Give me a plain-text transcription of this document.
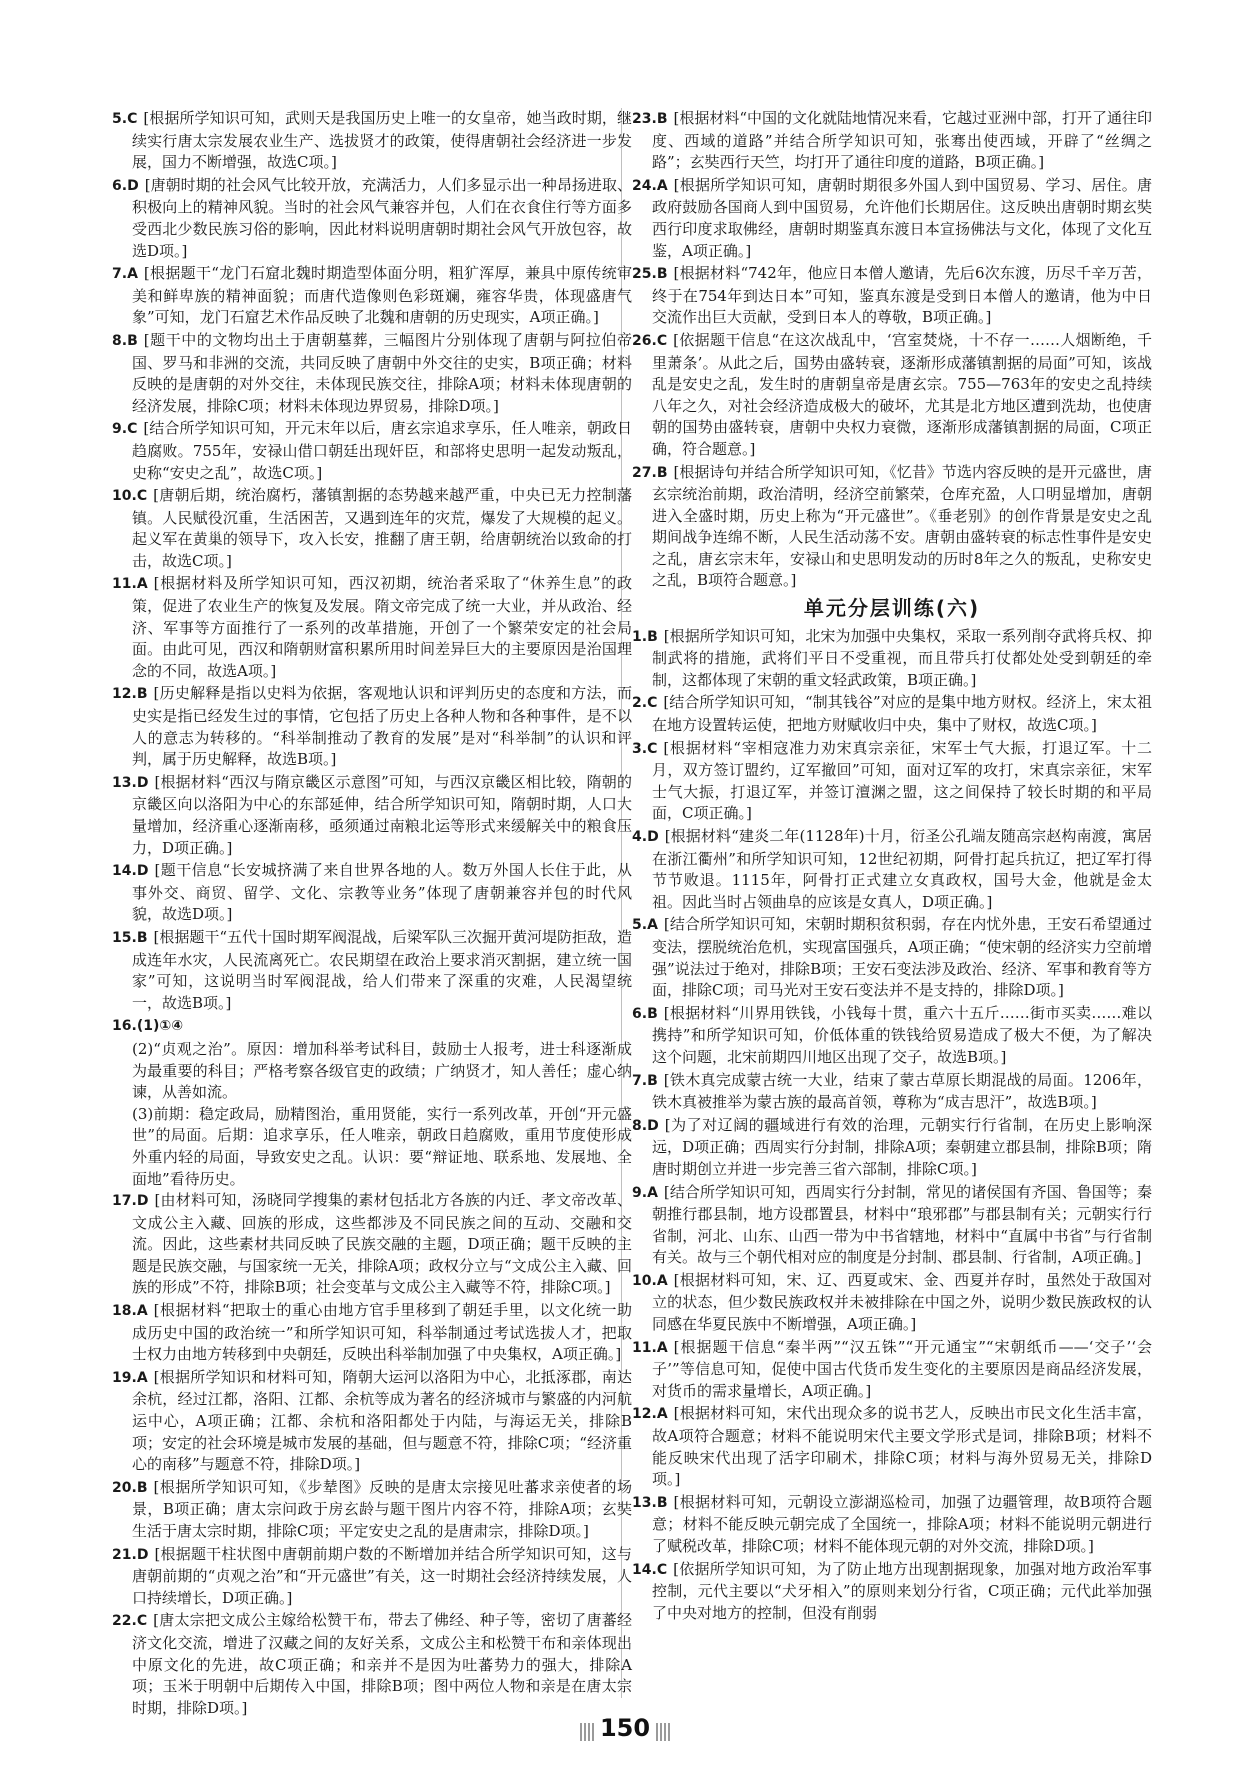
5.C [根据所学知识可知，武则天是我国历史上唯一的女皇帝，她当政时期，继续实行唐太宗发展农业生产、选拔贤才的政策，使得唐朝社会经济进一步发展，国力不断增强，故选C项。]
6.D [唐朝时期的社会风气比较开放，充满活力，人们多显示出一种昂扬进取、积极向上的精神风貌。当时的社会风气兼容并包，人们在衣食住行等方面多受西北少数民族习俗的影响，因此材料说明唐朝时期社会风气开放包容，故选D项。]
7.A [根据题干“龙门石窟北魏时期造型体面分明，粗犷浑厚，兼具中原传统审美和鲜卑族的精神面貌；而唐代造像则色彩斑斓，雍容华贵，体现盛唐气象”可知，龙门石窟艺术作品反映了北魏和唐朝的历史现实，A项正确。]
8.B [题干中的文物均出土于唐朝墓葬，三幅图片分别体现了唐朝与阿拉伯帝国、罗马和非洲的交流，共同反映了唐朝中外交往的史实，B项正确；材料反映的是唐朝的对外交往，未体现民族交往，排除A项；材料未体现唐朝的经济发展，排除C项；材料未体现边界贸易，排除D项。]
9.C [结合所学知识可知，开元末年以后，唐玄宗追求享乐，任人唯亲，朝政日趋腐败。755年，安禄山借口朝廷出现奸臣，和部将史思明一起发动叛乱，史称“安史之乱”，故选C项。]
10.C [唐朝后期，统治腐朽，藩镇割据的态势越来越严重，中央已无力控制藩镇。人民赋役沉重，生活困苦，又遇到连年的灾荒，爆发了大规模的起义。起义军在黄巢的领导下，攻入长安，推翻了唐王朝，给唐朝统治以致命的打击，故选C项。]
11.A [根据材料及所学知识可知，西汉初期，统治者采取了“休养生息”的政策，促进了农业生产的恢复及发展。隋文帝完成了统一大业，并从政治、经济、军事等方面推行了一系列的改革措施，开创了一个繁荣安定的社会局面。由此可见，西汉和隋朝财富积累所用时间差异巨大的主要原因是治国理念的不同，故选A项。]
12.B [历史解释是指以史料为依据，客观地认识和评判历史的态度和方法，而史实是指已经发生过的事情，它包括了历史上各种人物和各种事件，是不以人的意志为转移的。“科举制推动了教育的发展”是对“科举制”的认识和评判，属于历史解释，故选B项。]
13.D [根据材料“西汉与隋京畿区示意图”可知，与西汉京畿区相比较，隋朝的京畿区向以洛阳为中心的东部延伸，结合所学知识可知，隋朝时期，人口大量增加，经济重心逐渐南移，亟须通过南粮北运等形式来缓解关中的粮食压力，D项正确。]
14.D [题干信息“长安城挤满了来自世界各地的人。数万外国人长住于此，从事外交、商贸、留学、文化、宗教等业务”体现了唐朝兼容并包的时代风貌，故选D项。]
15.B [根据题干“五代十国时期军阀混战，后梁军队三次掘开黄河堤防拒敌，造成连年水灾，人民流离死亡。农民期望在政治上要求消灭割据，建立统一国家”可知，这说明当时军阀混战，给人们带来了深重的灾难，人民渴望统一，故选B项。]
16.(1)①④
(2)“贞观之治”。原因：增加科举考试科目，鼓励士人报考，进士科逐渐成为最重要的科目；严格考察各级官吏的政绩；广纳贤才，知人善任；虚心纳谏，从善如流。
(3)前期：稳定政局，励精图治，重用贤能，实行一系列改革，开创“开元盛世”的局面。后期：追求享乐，任人唯亲，朝政日趋腐败，重用节度使形成外重内轻的局面，导致安史之乱。认识：要“辩证地、联系地、发展地、全面地”看待历史。
17.D [由材料可知，汤晓同学搜集的素材包括北方各族的内迁、孝文帝改革、文成公主入藏、回族的形成，这些都涉及不同民族之间的互动、交融和交流。因此，这些素材共同反映了民族交融的主题，D项正确；题干反映的主题是民族交融，与国家统一无关，排除A项；政权分立与“文成公主入藏、回族的形成”不符，排除B项；社会变革与文成公主入藏等不符，排除C项。]
18.A [根据材料“把取士的重心由地方官手里移到了朝廷手里，以文化统一助成历史中国的政治统一”和所学知识可知，科举制通过考试选拔人才，把取士权力由地方转移到中央朝廷，反映出科举制加强了中央集权，A项正确。]
19.A [根据所学知识和材料可知，隋朝大运河以洛阳为中心，北抵涿郡，南达余杭，经过江都，洛阳、江都、余杭等成为著名的经济城市与繁盛的内河航运中心，A项正确；江都、余杭和洛阳都处于内陆，与海运无关，排除B项；安定的社会环境是城市发展的基础，但与题意不符，排除C项；“经济重心的南移”与题意不符，排除D项。]
20.B [根据所学知识可知，《步辇图》反映的是唐太宗接见吐蕃求亲使者的场景，B项正确；唐太宗问政于房玄龄与题干图片内容不符，排除A项；玄奘生活于唐太宗时期，排除C项；平定安史之乱的是唐肃宗，排除D项。]
21.D [根据题干柱状图中唐朝前期户数的不断增加并结合所学知识可知，这与唐朝前期的“贞观之治”和“开元盛世”有关，这一时期社会经济持续发展，人口持续增长，D项正确。]
22.C [唐太宗把文成公主嫁给松赞干布，带去了佛经、种子等，密切了唐蕃经济文化交流，增进了汉藏之间的友好关系，文成公主和松赞干布和亲体现出中原文化的先进，故C项正确；和亲并不是因为吐蕃势力的强大，排除A项；玉米于明朝中后期传入中国，排除B项；图中两位人物和亲是在唐太宗时期，排除D项。]
23.B [根据材料“中国的文化就陆地情况来看，它越过亚洲中部，打开了通往印度、西域的道路”并结合所学知识可知，张骞出使西域，开辟了“丝绸之路”；玄奘西行天竺，均打开了通往印度的道路，B项正确。]
24.A [根据所学知识可知，唐朝时期很多外国人到中国贸易、学习、居住。唐政府鼓励各国商人到中国贸易，允许他们长期居住。这反映出唐朝时期玄奘西行印度求取佛经，唐朝时期鉴真东渡日本宣扬佛法与文化，体现了文化互鉴，A项正确。]
25.B [根据材料“742年，他应日本僧人邀请，先后6次东渡，历尽千辛万苦，终于在754年到达日本”可知，鉴真东渡是受到日本僧人的邀请，他为中日交流作出巨大贡献，受到日本人的尊敬，B项正确。]
26.C [依据题干信息“在这次战乱中，‘宫室焚烧，十不存一……人烟断绝，千里萧条’。从此之后，国势由盛转衰，逐渐形成藩镇割据的局面”可知，该战乱是安史之乱，发生时的唐朝皇帝是唐玄宗。755—763年的安史之乱持续八年之久，对社会经济造成极大的破坏，尤其是北方地区遭到洗劫，也使唐朝的国势由盛转衰，唐朝中央权力衰微，逐渐形成藩镇割据的局面，C项正确，符合题意。]
27.B [根据诗句并结合所学知识可知，《忆昔》节选内容反映的是开元盛世，唐玄宗统治前期，政治清明，经济空前繁荣，仓库充盈，人口明显增加，唐朝进入全盛时期，历史上称为“开元盛世”。《垂老别》的创作背景是安史之乱期间战争连绵不断，人民生活动荡不安。唐朝由盛转衰的标志性事件是安史之乱，唐玄宗末年，安禄山和史思明发动的历时8年之久的叛乱，史称安史之乱，B项符合题意。]
单元分层训练(六)
1.B [根据所学知识可知，北宋为加强中央集权，采取一系列削夺武将兵权、抑制武将的措施，武将们平日不受重视，而且带兵打仗都处处受到朝廷的牵制，这都体现了宋朝的重文轻武政策，B项正确。]
2.C [结合所学知识可知，“制其钱谷”对应的是集中地方财权。经济上，宋太祖在地方设置转运使，把地方财赋收归中央，集中了财权，故选C项。]
3.C [根据材料“宰相寇准力劝宋真宗亲征，宋军士气大振，打退辽军。十二月，双方签订盟约，辽军撤回”可知，面对辽军的攻打，宋真宗亲征，宋军士气大振，打退辽军，并签订澶渊之盟，这之间保持了较长时期的和平局面，C项正确。]
4.D [根据材料“建炎二年(1128年)十月，衍圣公孔端友随高宗赵构南渡，寓居在浙江衢州”和所学知识可知，12世纪初期，阿骨打起兵抗辽，把辽军打得节节败退。1115年，阿骨打正式建立女真政权，国号大金，他就是金太祖。因此当时占领曲阜的应该是女真人，D项正确。]
5.A [结合所学知识可知，宋朝时期积贫积弱，存在内忧外患，王安石希望通过变法，摆脱统治危机，实现富国强兵，A项正确；“使宋朝的经济实力空前增强”说法过于绝对，排除B项；王安石变法涉及政治、经济、军事和教育等方面，排除C项；司马光对王安石变法并不是支持的，排除D项。]
6.B [根据材料“川界用铁钱，小钱每十贯，重六十五斤……街市买卖……难以携持”和所学知识可知，价低体重的铁钱给贸易造成了极大不便，为了解决这个问题，北宋前期四川地区出现了交子，故选B项。]
7.B [铁木真完成蒙古统一大业，结束了蒙古草原长期混战的局面。1206年，铁木真被推举为蒙古族的最高首领，尊称为“成吉思汗”，故选B项。]
8.D [为了对辽阔的疆域进行有效的治理，元朝实行行省制，在历史上影响深远，D项正确；西周实行分封制，排除A项；秦朝建立郡县制，排除B项；隋唐时期创立并进一步完善三省六部制，排除C项。]
9.A [结合所学知识可知，西周实行分封制，常见的诸侯国有齐国、鲁国等；秦朝推行郡县制，地方设郡置县，材料中“琅邪郡”与郡县制有关；元朝实行行省制，河北、山东、山西一带为中书省辖地，材料中“直属中书省”与行省制有关。故与三个朝代相对应的制度是分封制、郡县制、行省制，A项正确。]
10.A [根据材料可知，宋、辽、西夏或宋、金、西夏并存时，虽然处于敌国对立的状态，但少数民族政权并未被排除在中国之外，说明少数民族政权的认同感在华夏民族中不断增强，A项正确。]
11.A [根据题干信息“秦半两”“汉五铢”“开元通宝”“宋朝纸币——‘交子’‘会子’”等信息可知，促使中国古代货币发生变化的主要原因是商品经济发展，对货币的需求量增长，A项正确。]
12.A [根据材料可知，宋代出现众多的说书艺人，反映出市民文化生活丰富，故A项符合题意；材料不能说明宋代主要文学形式是词，排除B项；材料不能反映宋代出现了活字印刷术，排除C项；材料与海外贸易无关，排除D项。]
13.B [根据材料可知，元朝设立澎湖巡检司，加强了边疆管理，故B项符合题意；材料不能反映元朝完成了全国统一，排除A项；材料不能说明元朝进行了赋税改革，排除C项；材料不能体现元朝的对外交流，排除D项。]
14.C [依据所学知识可知，为了防止地方出现割据现象，加强对地方政治军事控制，元代主要以“犬牙相入”的原则来划分行省，C项正确；元代此举加强了中央对地方的控制，但没有削弱
150
